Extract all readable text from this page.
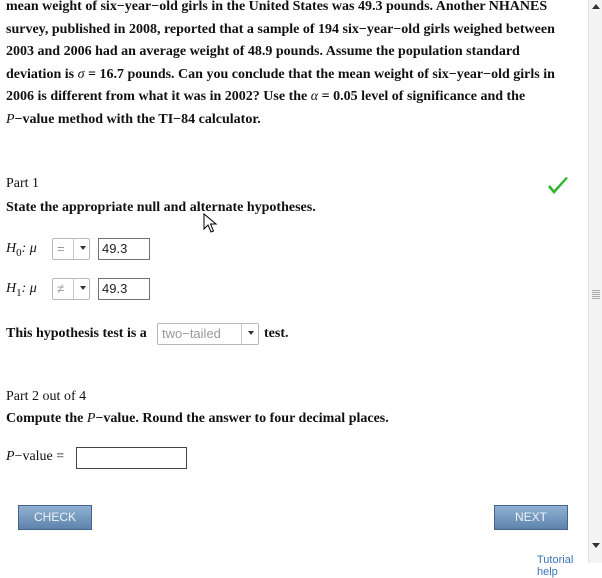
mean weight of six−year−old girls in the United States was 49.3 pounds. Another NHANES
survey, published in 2008, reported that a sample of 194 six−year−old girls weighed between
2003 and 2006 had an average weight of 48.9 pounds. Assume the population standard
deviation is σ = 16.7 pounds. Can you conclude that the mean weight of six−year−old girls in
2006 is different from what it was in 2002? Use the α = 0.05 level of significance and the
P−value method with the TI−84 calculator.
Part 1
State the appropriate null and alternate hypotheses.
$H_0$: μ =	49.3
$H_1$: μ ≠	49.3
This hypothesis test is a two−tailed	test.
Part 2 out of 4
Compute the P−value. Round the answer to four decimal places.
P−value =
CHECK	NEXT
Tutorial help
